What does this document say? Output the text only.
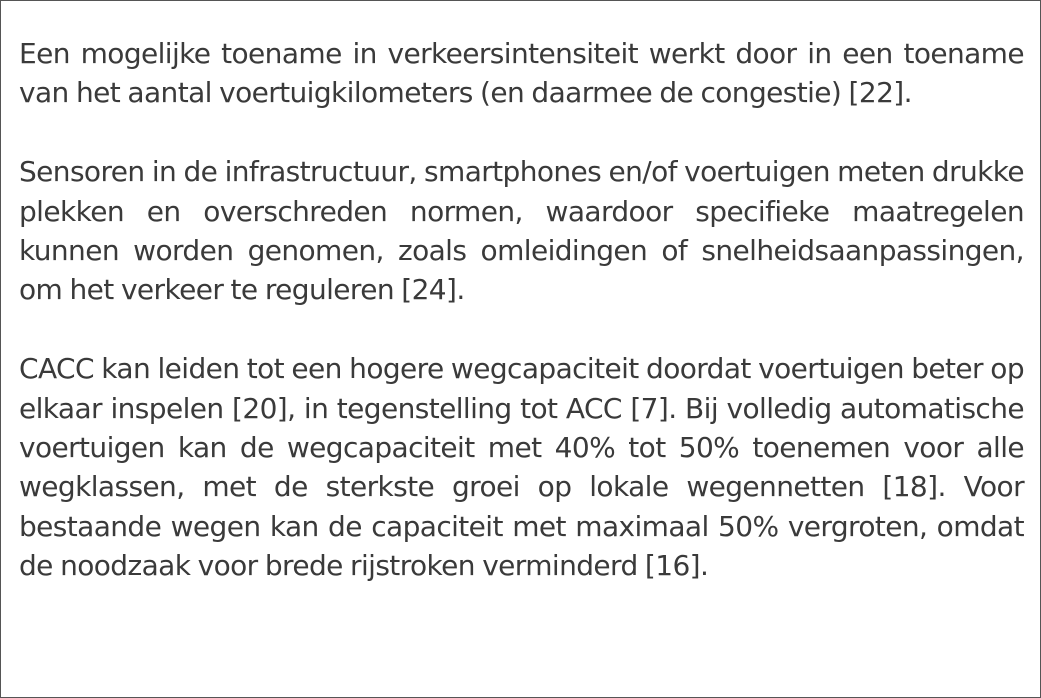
Een mogelijke toename in verkeersintensiteit werkt door in een toename van het aantal voertuigkilometers (en daarmee de congestie) [22].

Sensoren in de infrastructuur, smartphones en/of voertuigen meten drukke plekken en overschreden normen, waardoor specifieke maatregelen kunnen worden genomen, zoals omleidingen of snelheidsaanpassingen, om het verkeer te reguleren [24].

CACC kan leiden tot een hogere wegcapaciteit doordat voertuigen beter op elkaar inspelen [20], in tegenstelling tot ACC [7]. Bij volledig automatische voertuigen kan de wegcapaciteit met 40% tot 50% toenemen voor alle wegklassen, met de sterkste groei op lokale wegennetten [18]. Voor bestaande wegen kan de capaciteit met maximaal 50% vergroten, omdat de noodzaak voor brede rijstroken verminderd [16].
